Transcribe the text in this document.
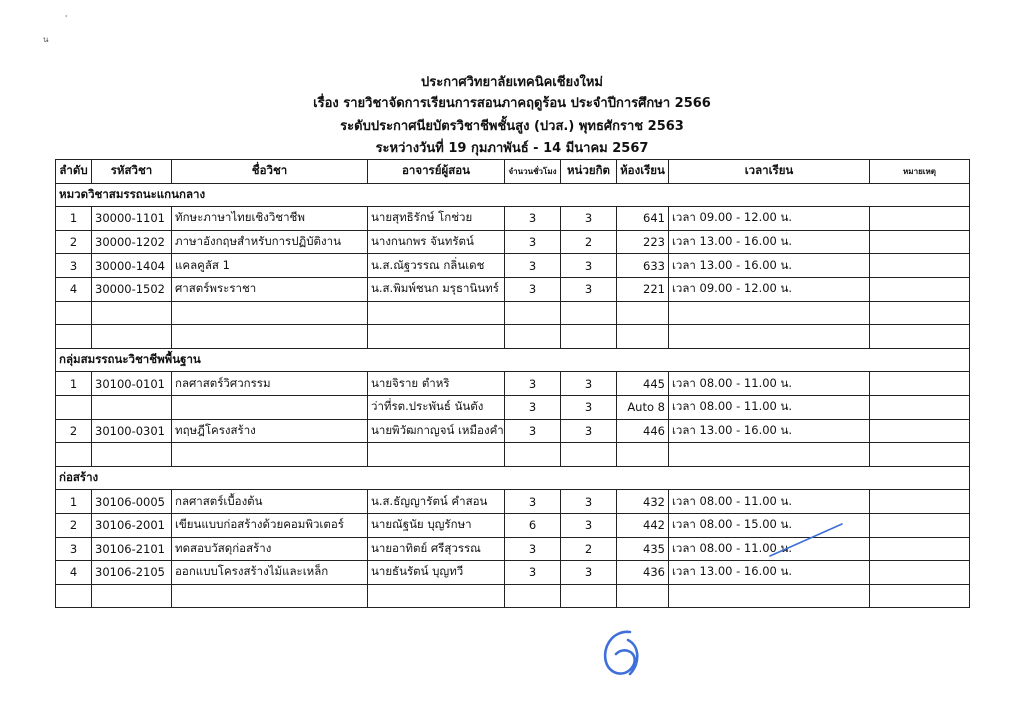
'
น
ประกาศวิทยาลัยเทคนิคเชียงใหม่
เรื่อง รายวิชาจัดการเรียนการสอนภาคฤดูร้อน ประจำปีการศึกษา 2566
ระดับประกาศนียบัตรวิชาชีพชั้นสูง (ปวส.) พุทธศักราช 2563
ระหว่างวันที่ 19 กุมภาพันธ์ - 14 มีนาคม 2567
ลำดับ	รหัสวิชา	ชื่อวิชา	อาจารย์ผู้สอน	จำนวนชั่วโมง	หน่วยกิต	ห้องเรียน	เวลาเรียน	หมายเหตุ
หมวดวิชาสมรรถนะแกนกลาง								
1	30000-1101	ทักษะภาษาไทยเชิงวิชาชีพ	นายสุทธิรักษ์ โกช่วย	3	3	641	เวลา 09.00 - 12.00 น.	
2	30000-1202	ภาษาอังกฤษสำหรับการปฏิบัติงาน	นางกนกพร จันทรัตน์	3	2	223	เวลา 13.00 - 16.00 น.	
3	30000-1404	แคลคูลัส 1	น.ส.ณัฐวรรณ กลิ่นเดช	3	3	633	เวลา 13.00 - 16.00 น.	
4	30000-1502	ศาสตร์พระราชา	น.ส.พิมพ์ชนก มรุธานินทร์	3	3	221	เวลา 09.00 - 12.00 น.	

กลุ่มสมรรถนะวิชาชีพพื้นฐาน								
1	30100-0101	กลศาสตร์วิศวกรรม	นายจิราย ตำหริ	3	3	445	เวลา 08.00 - 11.00 น.	
			ว่าที่รต.ประพันธ์ นันตัง	3	3	Auto 8	เวลา 08.00 - 11.00 น.	
2	30100-0301	ทฤษฎีโครงสร้าง	นายพิวัฒกาญจน์ เหมืองคำ	3	3	446	เวลา 13.00 - 16.00 น.	

ก่อสร้าง								
1	30106-0005	กลศาสตร์เบื้องต้น	น.ส.ธัญญารัตน์ คำสอน	3	3	432	เวลา 08.00 - 11.00 น.	
2	30106-2001	เขียนแบบก่อสร้างด้วยคอมพิวเตอร์	นายณัฐนัย บุญรักษา	6	3	442	เวลา 08.00 - 15.00 น.	
3	30106-2101	ทดสอบวัสดุก่อสร้าง	นายอาทิตย์ ศรีสุวรรณ	3	2	435	เวลา 08.00 - 11.00 น.	
4	30106-2105	ออกแบบโครงสร้างไม้และเหล็ก	นายธันรัตน์ บุญทวี	3	3	436	เวลา 13.00 - 16.00 น.	
